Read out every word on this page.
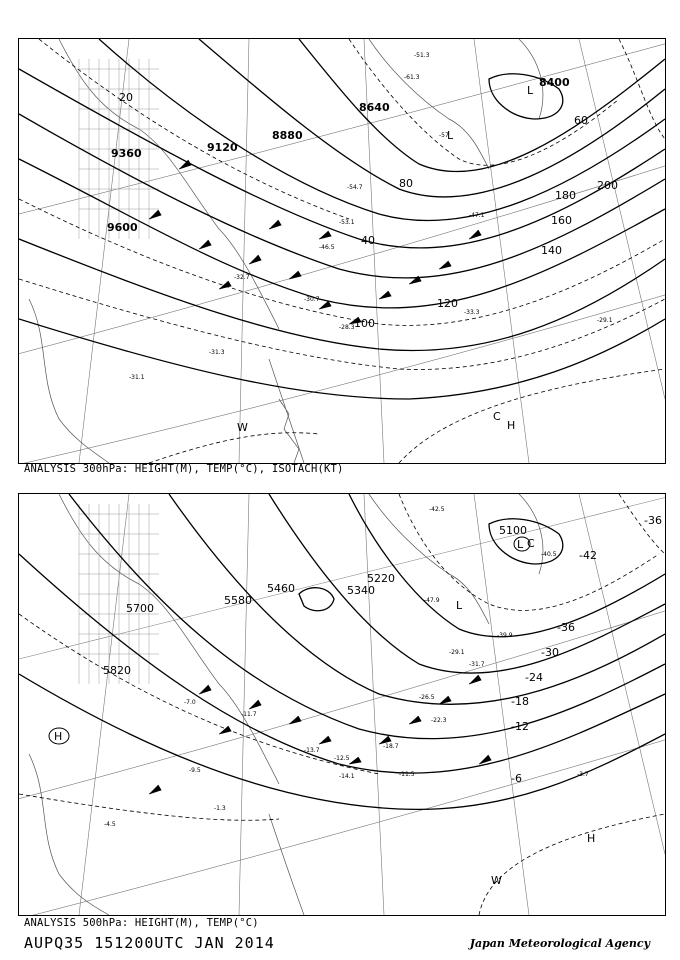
9600
9360	9120
8880
8640
8400
20
40
60
80
100
120
140
160
180
200
-29.1
-31.3
-31.1
-33.3
-46.5
-47.1
-51.3
-53.1
-54.7
-57
-61.3
-32.7
-30.7
-28.3
L
H
W
C
L
ANALYSIS 300hPa: HEIGHT(M), TEMP(°C), ISOTACH(KT)
5700
5820
5580
5460	5340
5220
5100
-6
-12
-18
-24
-30
-36
-42
-36
-1.3
-4.5
-7.0
-9.5
-11.7
-13.7
-12.5
-14.1	-11.5
-18.7
-22.3
-26.5
-29.1
-31.7
-39.9
-47.9
-42.5
-40.5
-3.7
H
H
L
C
W
L
ANALYSIS 500hPa: HEIGHT(M), TEMP(°C)
AUPQ35 151200UTC JAN 2014	Japan Meteorological Agency
